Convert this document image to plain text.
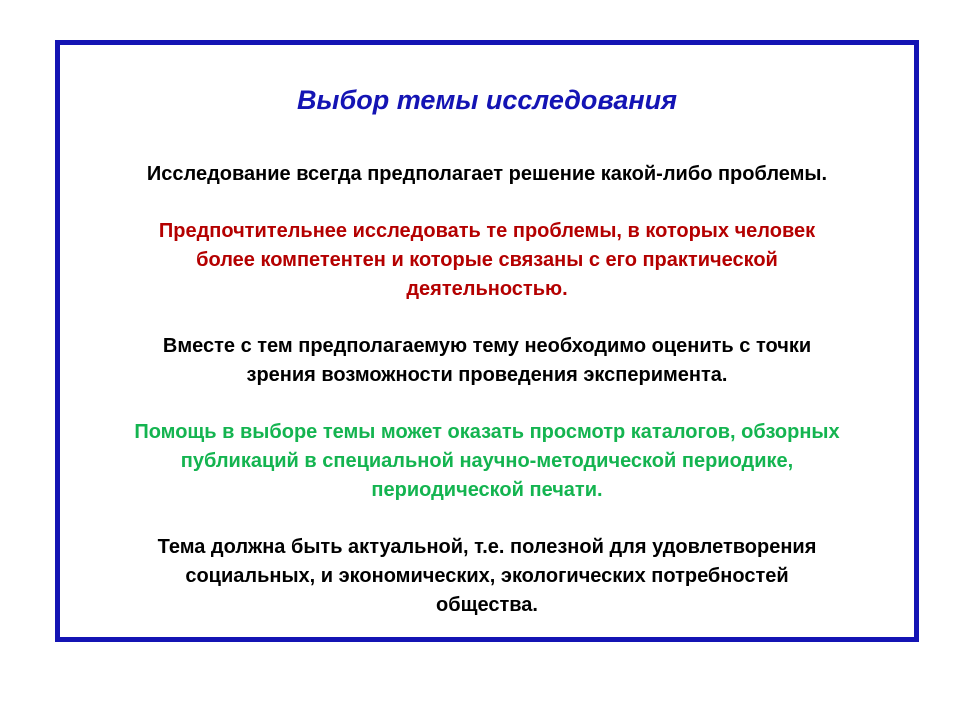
Выбор темы исследования

Исследование всегда предполагает решение какой-либо проблемы.

Предпочтительнее исследовать те проблемы, в которых человек
более компетентен и которые связаны с его практической
деятельностью.

Вместе с тем предполагаемую тему необходимо оценить с точки
зрения возможности проведения эксперимента.

Помощь в выборе темы может оказать просмотр каталогов, обзорных
публикаций в специальной научно-методической периодике,
периодической печати.

Тема должна быть актуальной, т.е. полезной для удовлетворения
социальных, и экономических, экологических потребностей
общества.
